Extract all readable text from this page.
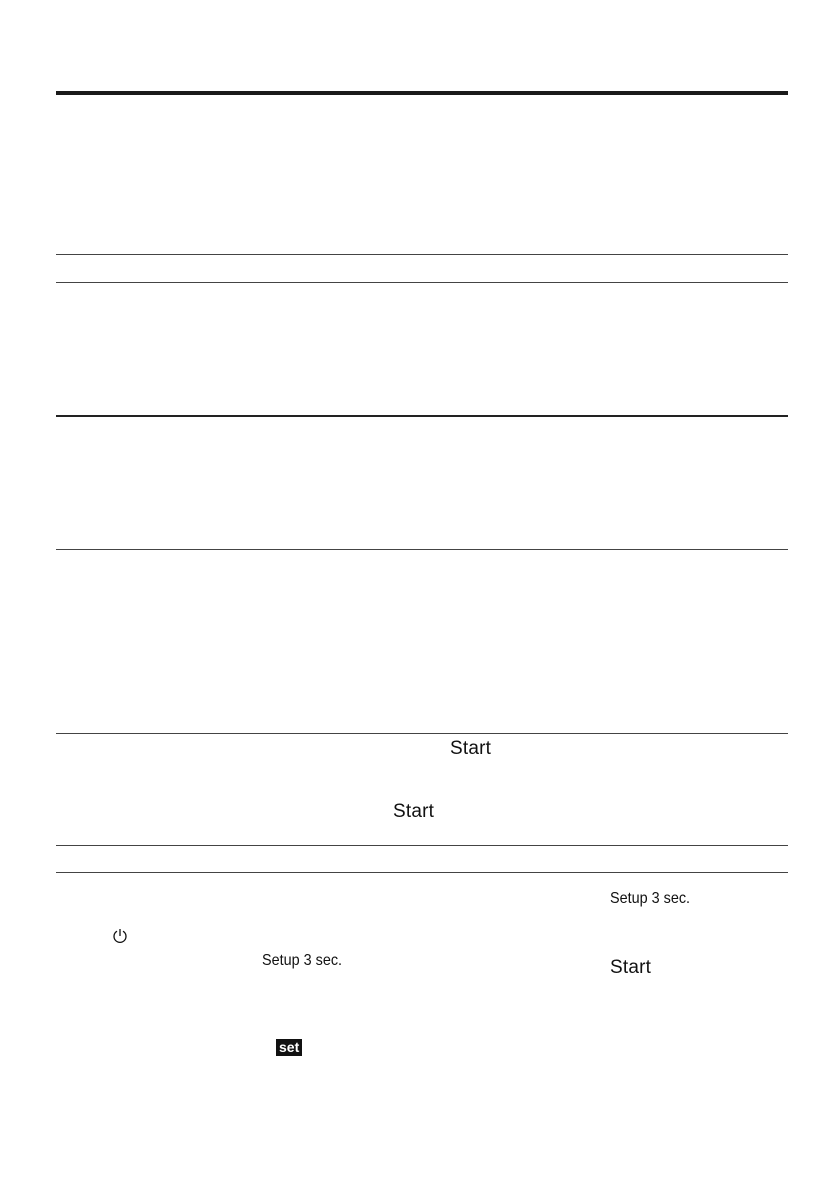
Start
Start
Setup 3 sec.
set
Setup 3 sec.
Start
